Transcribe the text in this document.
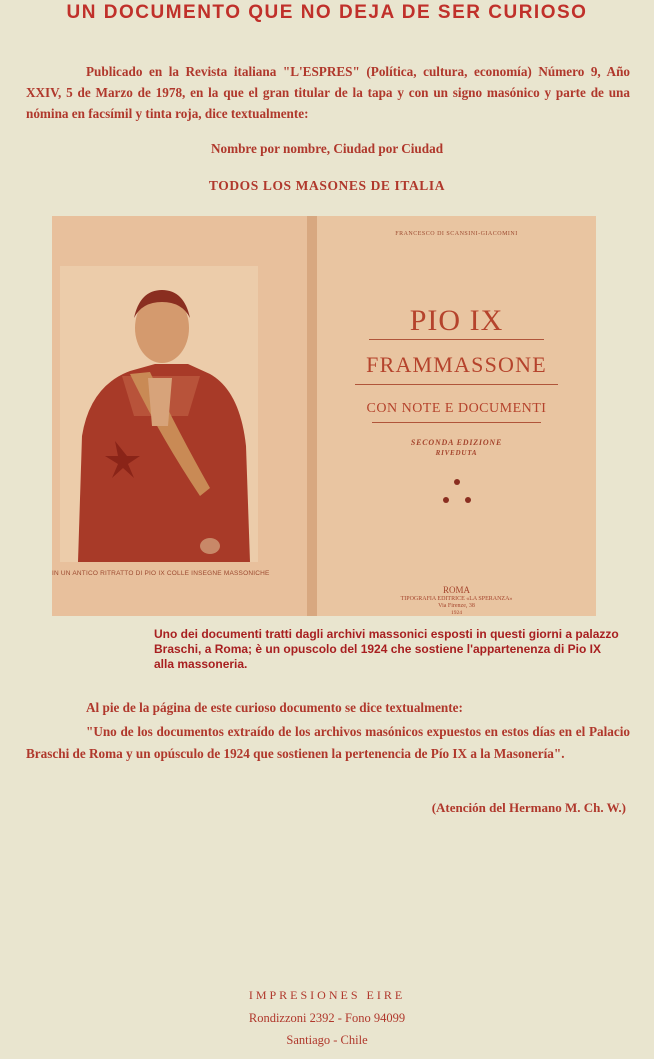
UN DOCUMENTO QUE NO DEJA DE SER CURIOSO
Publicado en la Revista italiana "L'ESPRES" (Política, cultura, economía) Número 9, Año XXIV, 5 de Marzo de 1978, en la que el gran titular de la tapa y con un signo masónico y parte de una nómina en facsímil y tinta roja, dice textualmente:
Nombre por nombre, Ciudad por Ciudad
TODOS LOS MASONES DE ITALIA
IN UN ANTICO RITRATTO DI PIO IX COLLE INSEGNE MASSONICHE
FRANCESCO DI SCANSINI-GIACOMINI
PIO IX
FRAMMASSONE
CON NOTE E DOCUMENTI
SECONDA EDIZIONE
RIVEDUTA
ROMA
TIPOGRAFIA EDITRICE «LA SPERANZA»
Via Firenze, 38
1924
Uno dei documenti tratti dagli archivi massonici esposti in questi giorni a palazzo Braschi, a Roma; è un opuscolo del 1924 che sostiene l'appartenenza di Pio IX alla massoneria.
Al pie de la página de este curioso documento se dice textualmente:
"Uno de los documentos extraído de los archivos masónicos expuestos en estos días en el Palacio Braschi de Roma y un opúsculo de 1924 que sostienen la pertenencia de Pío IX a la Masonería".
(Atención del Hermano M. Ch. W.)
IMPRESIONES EIRE
Rondizzoni 2392 - Fono 94099
Santiago - Chile
